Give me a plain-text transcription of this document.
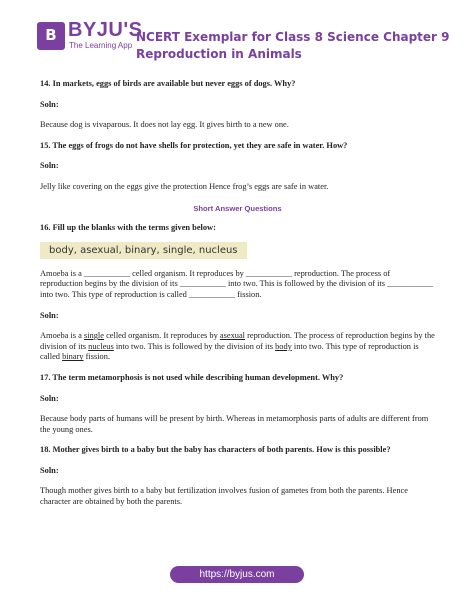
B BYJU'S
The Learning App
NCERT Exemplar for Class 8 Science Chapter 9 Reproduction in Animals

14. In markets, eggs of birds are available but never eggs of dogs. Why?

Soln:

Because dog is vivaparous. It does not lay egg. It gives birth to a new one.

15. The eggs of frogs do not have shells for protection, yet they are safe in water. How?

Soln:

Jelly like covering on the eggs give the protection Hence frog’s eggs are safe in water.

Short Answer Questions

16. Fill up the blanks with the terms given below:

body, asexual, binary, single, nucleus

Amoeba is a ___________ celled organism. It reproduces by ___________ reproduction. The process of reproduction begins by the division of its ___________ into two. This is followed by the division of its ___________ into two. This type of reproduction is called ___________ fission.

Soln:

Amoeba is a single celled organism. It reproduces by asexual reproduction. The process of reproduction begins by the division of its nucleus into two. This is followed by the division of its body into two. This type of reproduction is called binary fission.

17. The term metamorphosis is not used while describing human development. Why?

Soln:

Because body parts of humans will be present by birth. Whereas in metamorphosis parts of adults are different from the young ones.

18. Mother gives birth to a baby but the baby has characters of both parents. How is this possible?

Soln:

Though mother gives birth to a baby but fertilization involves fusion of gametes from both the parents. Hence character are obtained by both the parents.

https://byjus.com
